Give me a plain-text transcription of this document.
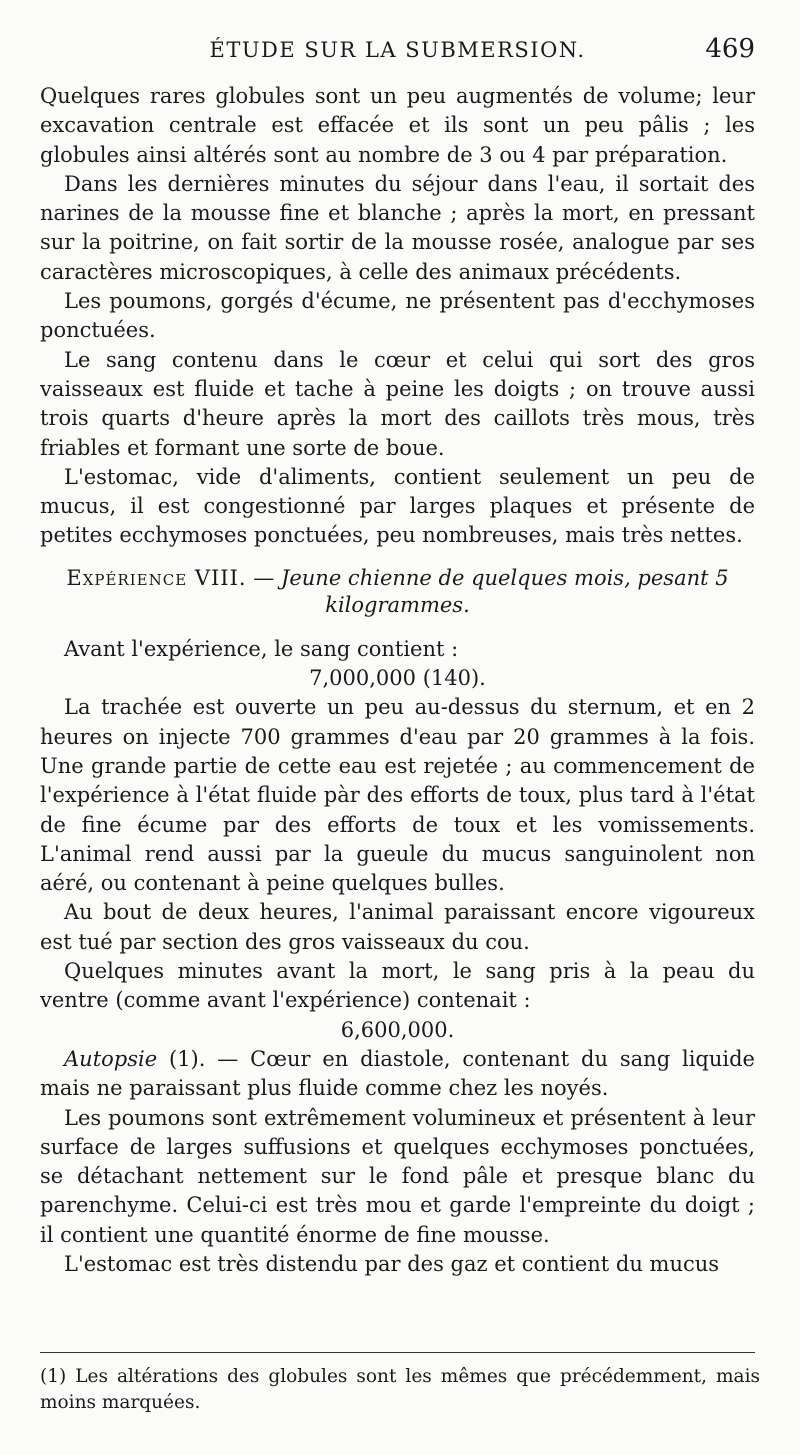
ÉTUDE SUR LA SUBMERSION.	469

Quelques rares globules sont un peu augmentés de volume; leur excavation centrale est effacée et ils sont un peu pâlis ; les globules ainsi altérés sont au nombre de 3 ou 4 par préparation.

Dans les dernières minutes du séjour dans l'eau, il sortait des narines de la mousse fine et blanche ; après la mort, en pressant sur la poitrine, on fait sortir de la mousse rosée, analogue par ses caractères microscopiques, à celle des animaux précédents.

Les poumons, gorgés d'écume, ne présentent pas d'ecchymoses ponctuées.

Le sang contenu dans le cœur et celui qui sort des gros vaisseaux est fluide et tache à peine les doigts ; on trouve aussi trois quarts d'heure après la mort des caillots très mous, très friables et formant une sorte de boue.

L'estomac, vide d'aliments, contient seulement un peu de mucus, il est congestionné par larges plaques et présente de petites ecchymoses ponctuées, peu nombreuses, mais très nettes.

Expérience VIII. — Jeune chienne de quelques mois, pesant 5 kilogrammes.

Avant l'expérience, le sang contient :

7,000,000 (140).

La trachée est ouverte un peu au-dessus du sternum, et en 2 heures on injecte 700 grammes d'eau par 20 grammes à la fois. Une grande partie de cette eau est rejetée ; au commencement de l'expérience à l'état fluide pàr des efforts de toux, plus tard à l'état de fine écume par des efforts de toux et les vomissements. L'animal rend aussi par la gueule du mucus sanguinolent non aéré, ou contenant à peine quelques bulles.

Au bout de deux heures, l'animal paraissant encore vigoureux est tué par section des gros vaisseaux du cou.

Quelques minutes avant la mort, le sang pris à la peau du ventre (comme avant l'expérience) contenait :

6,600,000.

Autopsie (1). — Cœur en diastole, contenant du sang liquide mais ne paraissant plus fluide comme chez les noyés.

Les poumons sont extrêmement volumineux et présentent à leur surface de larges suffusions et quelques ecchymoses ponctuées, se détachant nettement sur le fond pâle et presque blanc du parenchyme. Celui-ci est très mou et garde l'empreinte du doigt ; il contient une quantité énorme de fine mousse.

L'estomac est très distendu par des gaz et contient du mucus

(1) Les altérations des globules sont les mêmes que précédemment, mais moins marquées.
